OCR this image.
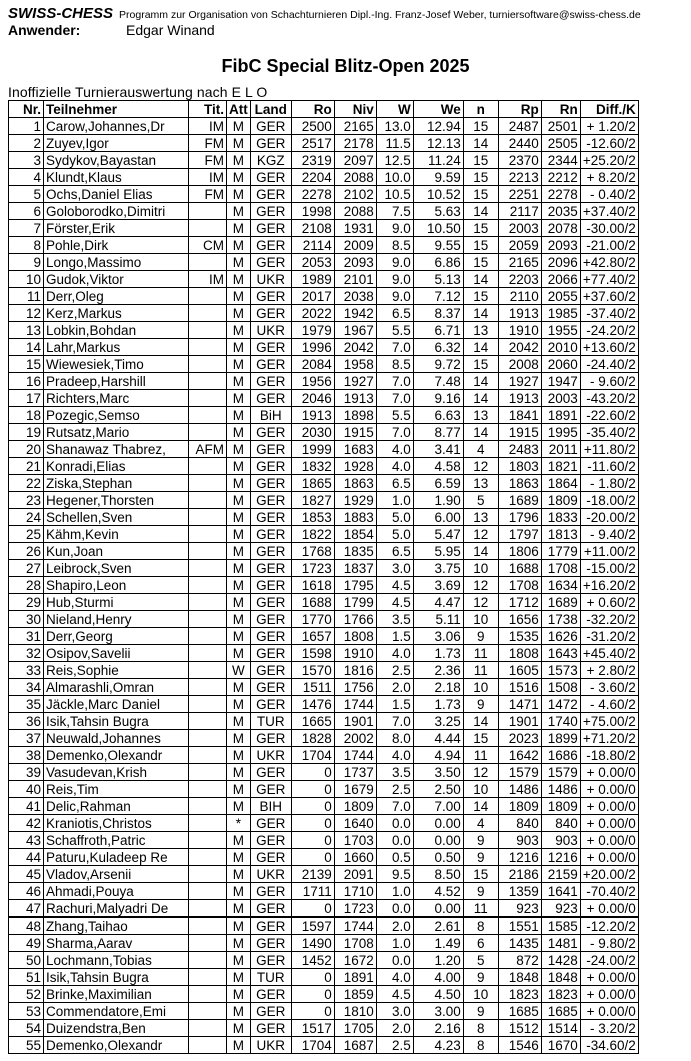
SWISS-CHESS Programm zur Organisation von Schachturnieren Dipl.-Ing. Franz-Josef Weber, turniersoftware@swiss-chess.de
Anwender:	Edgar Winand
FibC Special Blitz-Open 2025
Inoffizielle Turnierauswertung nach E L O
Nr.	Teilnehmer	Tit.	Att	Land	Ro	Niv	W	We	n	Rp	Rn	Diff./K
1	Carow,Johannes,Dr	IM	M	GER	2500	2165	13.0	12.94	15	2487	2501	+ 1.20/2
2	Zuyev,Igor	FM	M	GER	2517	2178	11.5	12.13	14	2440	2505	-12.60/2
3	Sydykov,Bayastan	FM	M	KGZ	2319	2097	12.5	11.24	15	2370	2344	+25.20/2
4	Klundt,Klaus	IM	M	GER	2204	2088	10.0	9.59	15	2213	2212	+ 8.20/2
5	Ochs,Daniel Elias	FM	M	GER	2278	2102	10.5	10.52	15	2251	2278	- 0.40/2
6	Goloborodko,Dimitri		M	GER	1998	2088	7.5	5.63	14	2117	2035	+37.40/2
7	Förster,Erik		M	GER	2108	1931	9.0	10.50	15	2003	2078	-30.00/2
8	Pohle,Dirk	CM	M	GER	2114	2009	8.5	9.55	15	2059	2093	-21.00/2
9	Longo,Massimo		M	GER	2053	2093	9.0	6.86	15	2165	2096	+42.80/2
10	Gudok,Viktor	IM	M	UKR	1989	2101	9.0	5.13	14	2203	2066	+77.40/2
11	Derr,Oleg		M	GER	2017	2038	9.0	7.12	15	2110	2055	+37.60/2
12	Kerz,Markus		M	GER	2022	1942	6.5	8.37	14	1913	1985	-37.40/2
13	Lobkin,Bohdan		M	UKR	1979	1967	5.5	6.71	13	1910	1955	-24.20/2
14	Lahr,Markus		M	GER	1996	2042	7.0	6.32	14	2042	2010	+13.60/2
15	Wiewesiek,Timo		M	GER	2084	1958	8.5	9.72	15	2008	2060	-24.40/2
16	Pradeep,Harshill		M	GER	1956	1927	7.0	7.48	14	1927	1947	- 9.60/2
17	Richters,Marc		M	GER	2046	1913	7.0	9.16	14	1913	2003	-43.20/2
18	Pozegic,Semso		M	BiH	1913	1898	5.5	6.63	13	1841	1891	-22.60/2
19	Rutsatz,Mario		M	GER	2030	1915	7.0	8.77	14	1915	1995	-35.40/2
20	Shanawaz Thabrez,	AFM	M	GER	1999	1683	4.0	3.41	4	2483	2011	+11.80/2
21	Konradi,Elias		M	GER	1832	1928	4.0	4.58	12	1803	1821	-11.60/2
22	Ziska,Stephan		M	GER	1865	1863	6.5	6.59	13	1863	1864	- 1.80/2
23	Hegener,Thorsten		M	GER	1827	1929	1.0	1.90	5	1689	1809	-18.00/2
24	Schellen,Sven		M	GER	1853	1883	5.0	6.00	13	1796	1833	-20.00/2
25	Kähm,Kevin		M	GER	1822	1854	5.0	5.47	12	1797	1813	- 9.40/2
26	Kun,Joan		M	GER	1768	1835	6.5	5.95	14	1806	1779	+11.00/2
27	Leibrock,Sven		M	GER	1723	1837	3.0	3.75	10	1688	1708	-15.00/2
28	Shapiro,Leon		M	GER	1618	1795	4.5	3.69	12	1708	1634	+16.20/2
29	Hub,Sturmi		M	GER	1688	1799	4.5	4.47	12	1712	1689	+ 0.60/2
30	Nieland,Henry		M	GER	1770	1766	3.5	5.11	10	1656	1738	-32.20/2
31	Derr,Georg		M	GER	1657	1808	1.5	3.06	9	1535	1626	-31.20/2
32	Osipov,Savelii		M	GER	1598	1910	4.0	1.73	11	1808	1643	+45.40/2
33	Reis,Sophie		W	GER	1570	1816	2.5	2.36	11	1605	1573	+ 2.80/2
34	Almarashli,Omran		M	GER	1511	1756	2.0	2.18	10	1516	1508	- 3.60/2
35	Jäckle,Marc Daniel		M	GER	1476	1744	1.5	1.73	9	1471	1472	- 4.60/2
36	Isik,Tahsin Bugra		M	TUR	1665	1901	7.0	3.25	14	1901	1740	+75.00/2
37	Neuwald,Johannes		M	GER	1828	2002	8.0	4.44	15	2023	1899	+71.20/2
38	Demenko,Olexandr		M	UKR	1704	1744	4.0	4.94	11	1642	1686	-18.80/2
39	Vasudevan,Krish		M	GER	0	1737	3.5	3.50	12	1579	1579	+ 0.00/0
40	Reis,Tim		M	GER	0	1679	2.5	2.50	10	1486	1486	+ 0.00/0
41	Delic,Rahman		M	BIH	0	1809	7.0	7.00	14	1809	1809	+ 0.00/0
42	Kraniotis,Christos		*	GER	0	1640	0.0	0.00	4	840	840	+ 0.00/0
43	Schaffroth,Patric		M	GER	0	1703	0.0	0.00	9	903	903	+ 0.00/0
44	Paturu,Kuladeep Re		M	GER	0	1660	0.5	0.50	9	1216	1216	+ 0.00/0
45	Vladov,Arsenii		M	UKR	2139	2091	9.5	8.50	15	2186	2159	+20.00/2
46	Ahmadi,Pouya		M	GER	1711	1710	1.0	4.52	9	1359	1641	-70.40/2
47	Rachuri,Malyadri De		M	GER	0	1723	0.0	0.00	11	923	923	+ 0.00/0
48	Zhang,Taihao		M	GER	1597	1744	2.0	2.61	8	1551	1585	-12.20/2
49	Sharma,Aarav		M	GER	1490	1708	1.0	1.49	6	1435	1481	- 9.80/2
50	Lochmann,Tobias		M	GER	1452	1672	0.0	1.20	5	872	1428	-24.00/2
51	Isik,Tahsin Bugra		M	TUR	0	1891	4.0	4.00	9	1848	1848	+ 0.00/0
52	Brinke,Maximilian		M	GER	0	1859	4.5	4.50	10	1823	1823	+ 0.00/0
53	Commendatore,Emi		M	GER	0	1810	3.0	3.00	9	1685	1685	+ 0.00/0
54	Duizendstra,Ben		M	GER	1517	1705	2.0	2.16	8	1512	1514	- 3.20/2
55	Demenko,Olexandr		M	UKR	1704	1687	2.5	4.23	8	1546	1670	-34.60/2
